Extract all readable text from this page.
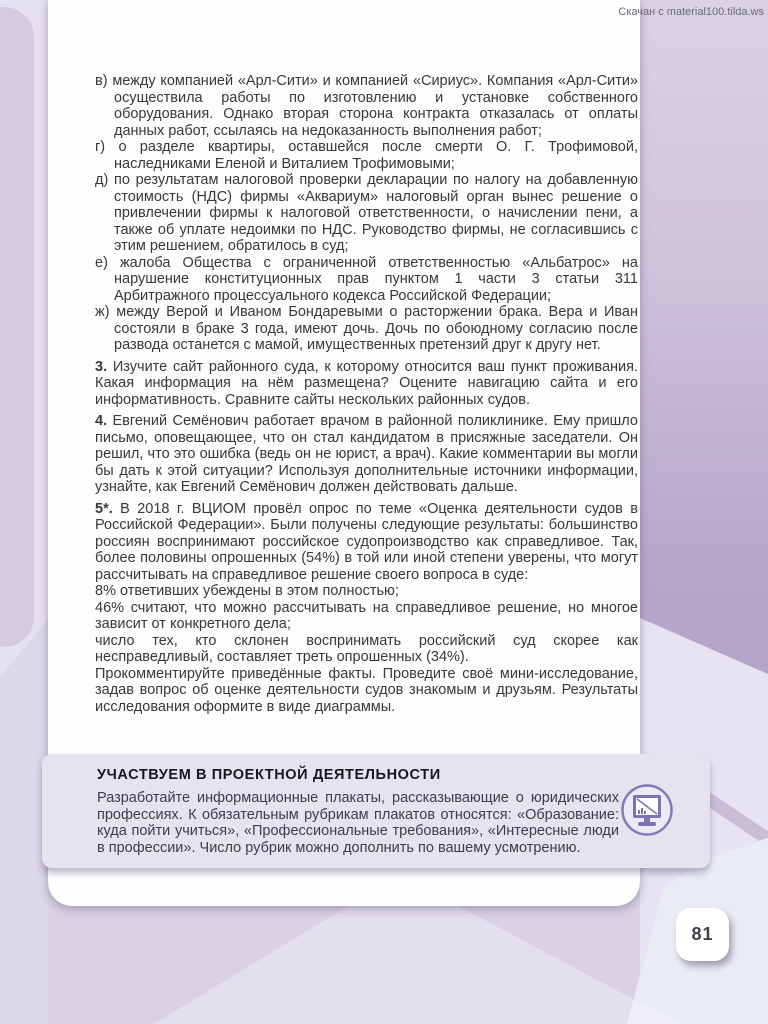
в) между компанией «Арл-Сити» и компанией «Сириус». Компания «Арл-Сити» осуществила работы по изготовлению и установке собственного оборудования. Однако вторая сторона контракта отказалась от оплаты данных работ, ссылаясь на недоказанность выполнения работ;

г) о разделе квартиры, оставшейся после смерти О. Г. Трофимовой, наследниками Еленой и Виталием Трофимовыми;

д) по результатам налоговой проверки декларации по налогу на добавленную стоимость (НДС) фирмы «Аквариум» налоговый орган вынес решение о привлечении фирмы к налоговой ответственности, о начислении пени, а также об уплате недоимки по НДС. Руководство фирмы, не согласившись с этим решением, обратилось в суд;

е) жалоба Общества с ограниченной ответственностью «Альбатрос» на нарушение конституционных прав пунктом 1 части 3 статьи 311 Арбитражного процессуального кодекса Российской Федерации;

ж) между Верой и Иваном Бондаревыми о расторжении брака. Вера и Иван состояли в браке 3 года, имеют дочь. Дочь по обоюдному согласию после развода останется с мамой, имущественных претензий друг к другу нет.

3. Изучите сайт районного суда, к которому относится ваш пункт проживания. Какая информация на нём размещена? Оцените навигацию сайта и его информативность. Сравните сайты нескольких районных судов.

4. Евгений Семёнович работает врачом в районной поликлинике. Ему пришло письмо, оповещающее, что он стал кандидатом в присяжные заседатели. Он решил, что это ошибка (ведь он не юрист, а врач). Какие комментарии вы могли бы дать к этой ситуации? Используя дополнительные источники информации, узнайте, как Евгений Семёнович должен действовать дальше.

5*. В 2018 г. ВЦИОМ провёл опрос по теме «Оценка деятельности судов в Российской Федерации». Были получены следующие результаты: большинство россиян воспринимают российское судопроизводство как справедливое. Так, более половины опрошенных (54%) в той или иной степени уверены, что могут рассчитывать на справедливое решение своего вопроса в суде:

8% ответивших убеждены в этом полностью;

46% считают, что можно рассчитывать на справедливое решение, но многое зависит от конкретного дела;

число тех, кто склонен воспринимать российский суд скорее как несправедливый, составляет треть опрошенных (34%).

Прокомментируйте приведённые факты. Проведите своё мини-исследование, задав вопрос об оценке деятельности судов знакомым и друзьям. Результаты исследования оформите в виде диаграммы.

УЧАСТВУЕМ В ПРОЕКТНОЙ ДЕЯТЕЛЬНОСТИ

Разработайте информационные плакаты, рассказывающие о юридических профессиях. К обязательным рубрикам плакатов относятся: «Образование: куда пойти учиться», «Профессиональные требования», «Интересные люди в профессии». Число рубрик можно дополнить по вашему усмотрению.

81
Скачан с material100.tilda.ws
